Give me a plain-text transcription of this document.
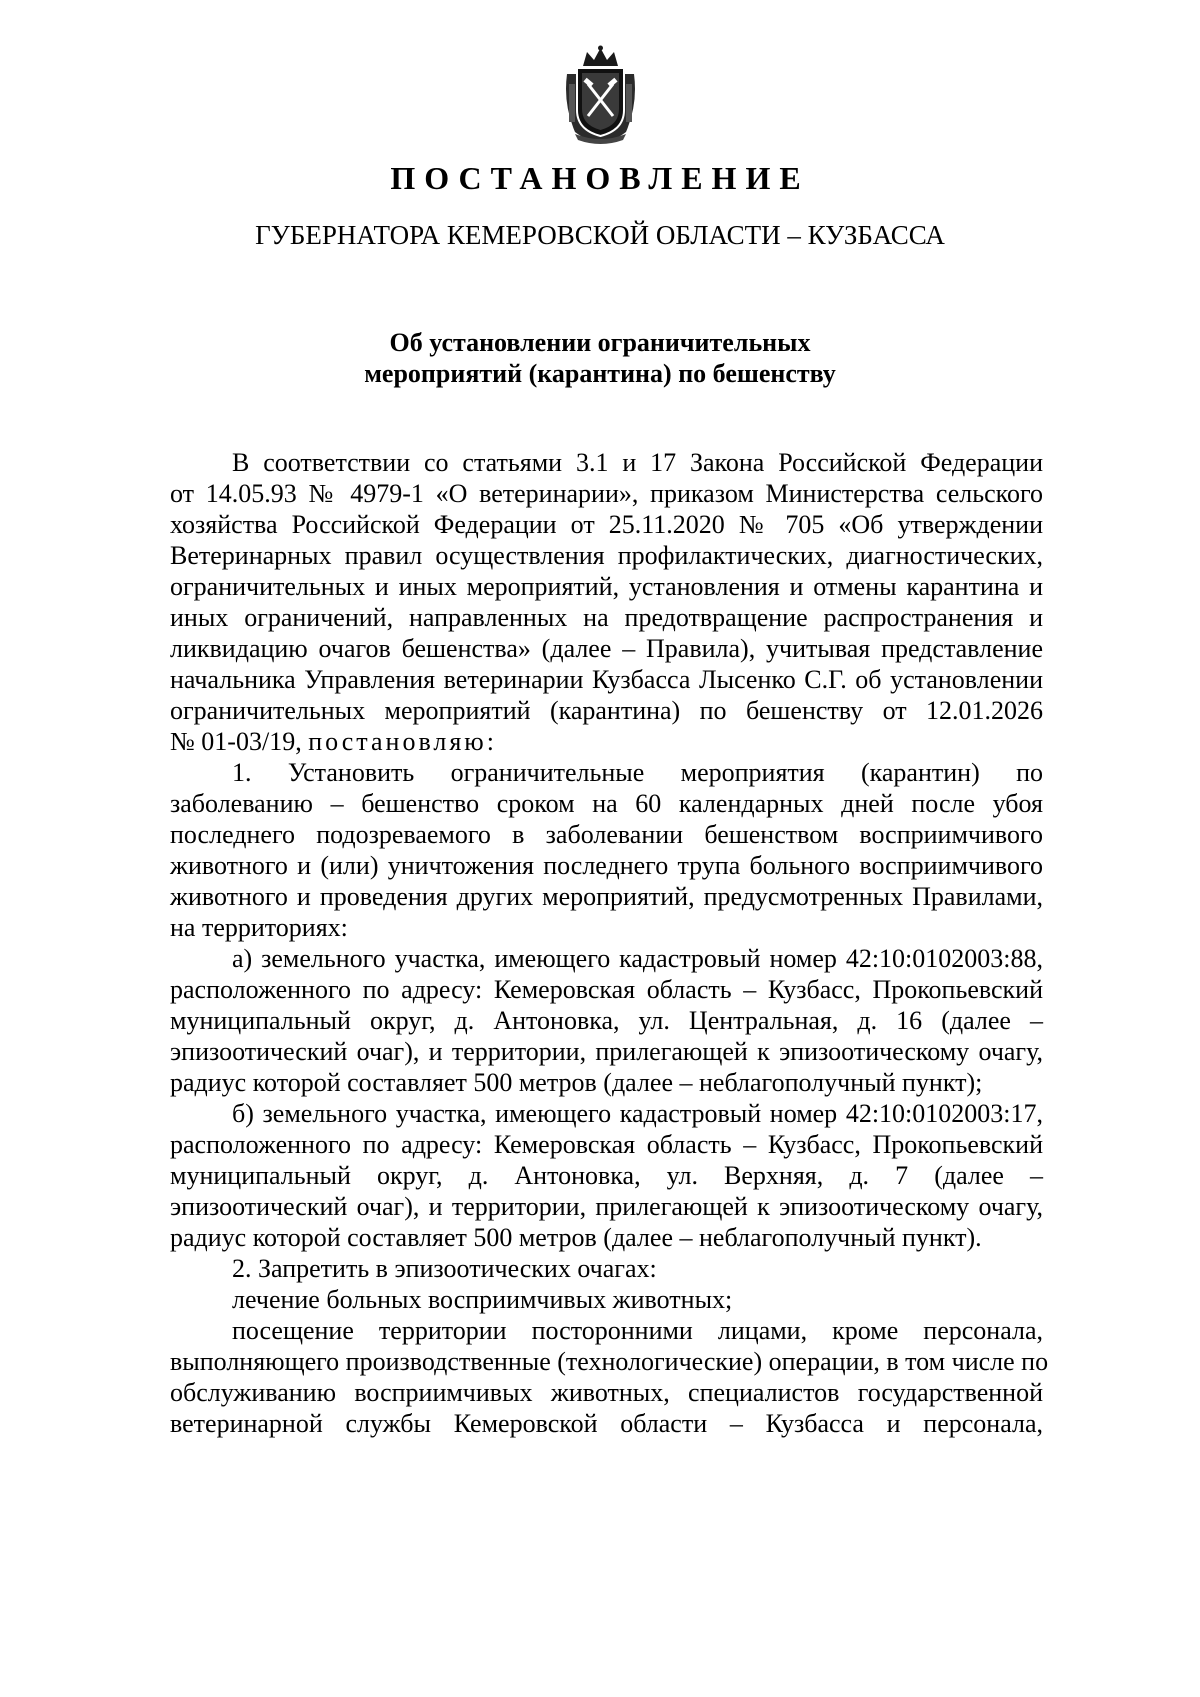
ПОСТАНОВЛЕНИЕ
ГУБЕРНАТОРА КЕМЕРОВСКОЙ ОБЛАСТИ – КУЗБАССА
Об установлении ограничительных
мероприятий (карантина) по бешенству
В соответствии со статьями 3.1 и 17 Закона Российской Федерации
от 14.05.93 № 4979-1 «О ветеринарии», приказом Министерства сельского
хозяйства Российской Федерации от 25.11.2020 № 705 «Об утверждении
Ветеринарных правил осуществления профилактических, диагностических,
ограничительных и иных мероприятий, установления и отмены карантина и
иных ограничений, направленных на предотвращение распространения и
ликвидацию очагов бешенства» (далее – Правила), учитывая представление
начальника Управления ветеринарии Кузбасса Лысенко С.Г. об установлении
ограничительных мероприятий (карантина) по бешенству от 12.01.2026
№ 01-03/19, постановляю:
1. Установить ограничительные мероприятия (карантин) по
заболеванию – бешенство сроком на 60 календарных дней после убоя
последнего подозреваемого в заболевании бешенством восприимчивого
животного и (или) уничтожения последнего трупа больного восприимчивого
животного и проведения других мероприятий, предусмотренных Правилами,
на территориях:
а) земельного участка, имеющего кадастровый номер 42:10:0102003:88,
расположенного по адресу: Кемеровская область – Кузбасс, Прокопьевский
муниципальный округ, д. Антоновка, ул. Центральная, д. 16 (далее –
эпизоотический очаг), и территории, прилегающей к эпизоотическому очагу,
радиус которой составляет 500 метров (далее – неблагополучный пункт);
б) земельного участка, имеющего кадастровый номер 42:10:0102003:17,
расположенного по адресу: Кемеровская область – Кузбасс, Прокопьевский
муниципальный округ, д. Антоновка, ул. Верхняя, д. 7 (далее –
эпизоотический очаг), и территории, прилегающей к эпизоотическому очагу,
радиус которой составляет 500 метров (далее – неблагополучный пункт).
2. Запретить в эпизоотических очагах:
лечение больных восприимчивых животных;
посещение территории посторонними лицами, кроме персонала,
выполняющего производственные (технологические) операции, в том числе по
обслуживанию восприимчивых животных, специалистов государственной
ветеринарной службы Кемеровской области – Кузбасса и персонала,
